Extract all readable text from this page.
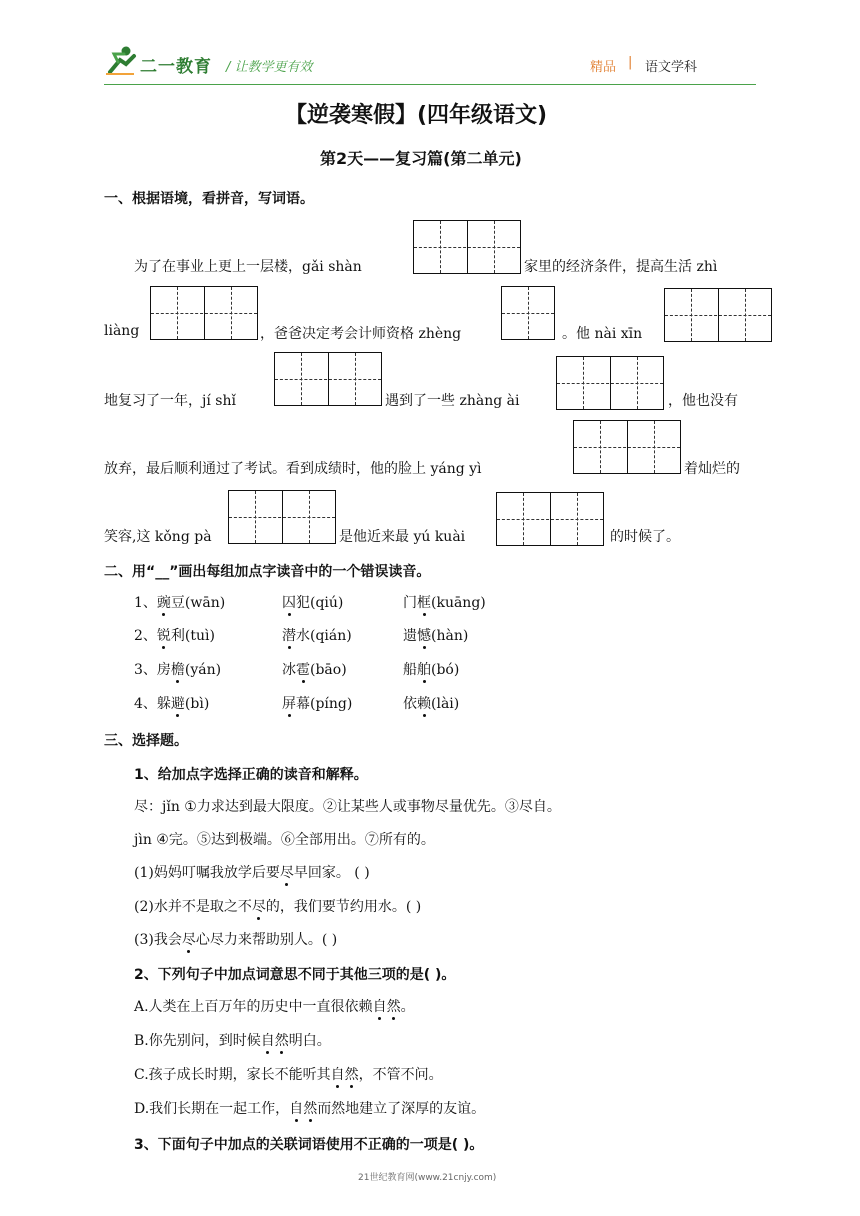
二一教育 / 让教学更有效	精品 | 语文学科
【逆袭寒假】(四年级语文)
第2天——复习篇(第二单元)
一、根据语境，看拼音，写词语。
为了在事业上更上一层楼，gǎi shàn	家里的经济条件，提高生活 zhì
liàng	，爸爸决定考会计师资格 zhèng	。他 nài xīn
地复习了一年，jí shǐ	遇到了一些 zhàng ài	，他也没有
放弃，最后顺利通过了考试。看到成绩时，他的脸上 yáng yì	着灿烂的
笑容,这 kǒng pà	是他近来最 yú kuài	的时候了。
二、用“__”画出每组加点字读音中的一个错误读音。
1、豌豆(wān)	囚犯(qiú)	门框(kuāng)
2、锐利(tuì)	潜水(qián)	遗憾(hàn)
3、房檐(yán)	冰雹(bāo)	船舶(bó)
4、躲避(bì)	屏幕(píng)	依赖(lài)
三、选择题。
1、给加点字选择正确的读音和解释。
尽：jǐn ①力求达到最大限度。②让某些人或事物尽量优先。③尽自。
jìn ④完。⑤达到极端。⑥全部用出。⑦所有的。
(1)妈妈叮嘱我放学后要尽早回家。 ( )
(2)水并不是取之不尽的，我们要节约用水。( )
(3)我会尽心尽力来帮助别人。( )
2、下列句子中加点词意思不同于其他三项的是( )。
A.人类在上百万年的历史中一直很依赖自然。
B.你先别问，到时候自然明白。
C.孩子成长时期，家长不能听其自然，不管不问。
D.我们长期在一起工作，自然而然地建立了深厚的友谊。
3、下面句子中加点的关联词语使用不正确的一项是( )。
21世纪教育网(www.21cnjy.com)
